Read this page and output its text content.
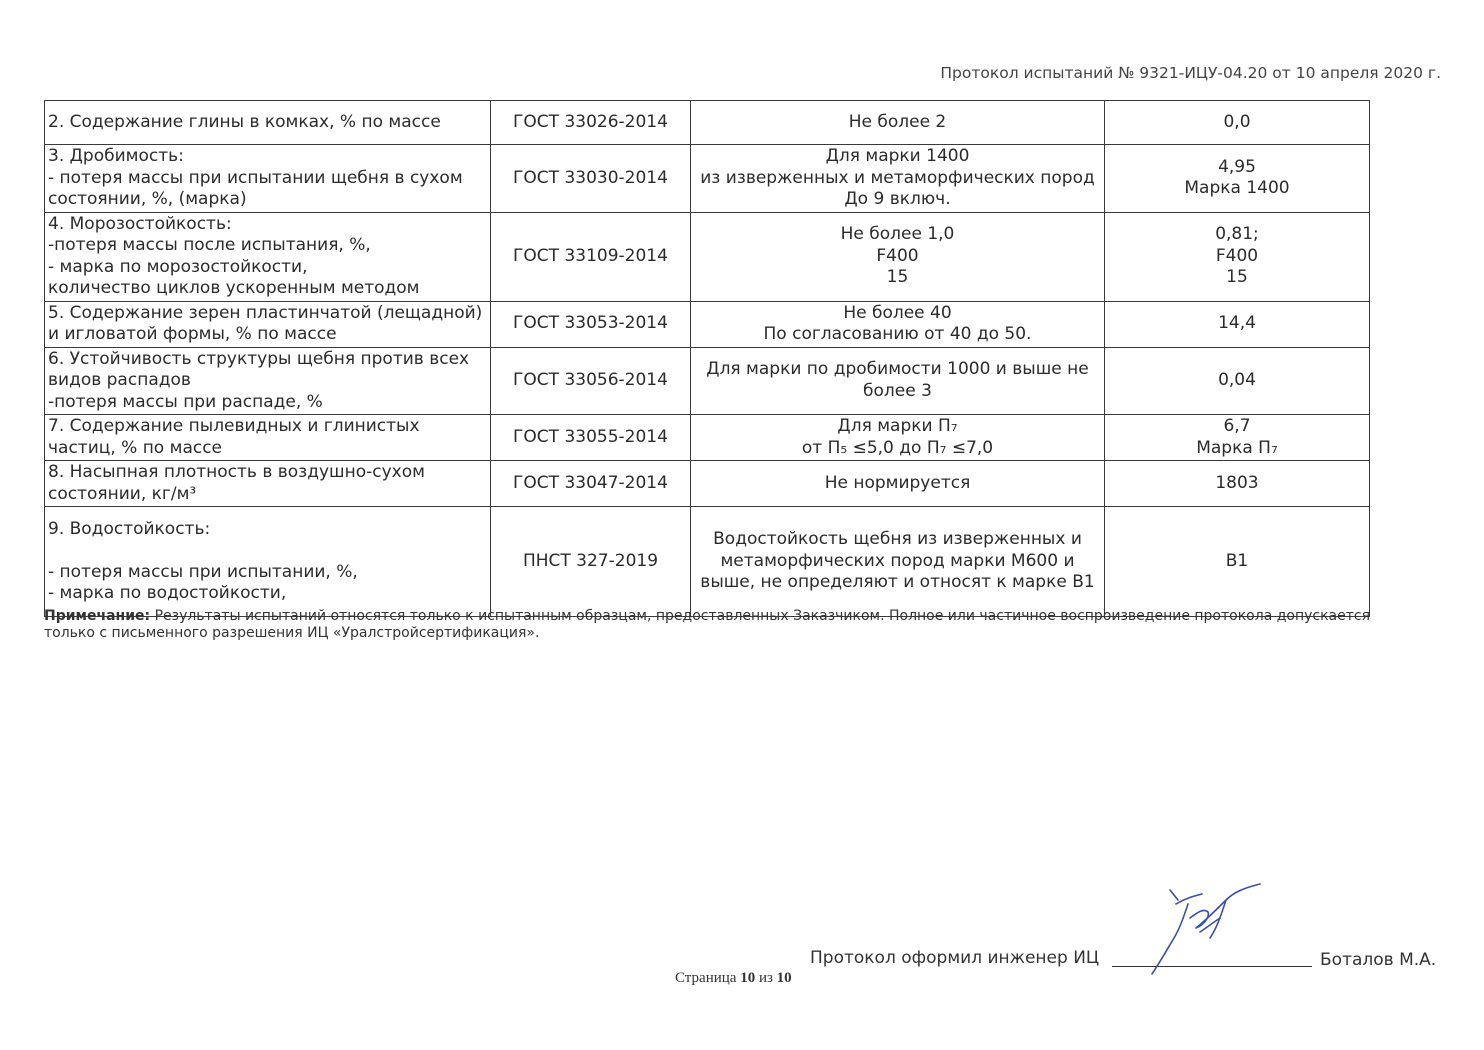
Протокол испытаний № 9321-ИЦУ-04.20 от 10 апреля 2020 г.
2. Содержание глины в комках, % по массе	ГОСТ 33026-2014	Не более 2	0,0
3. Дробимость:
- потеря массы при испытании щебня в сухом состоянии, %, (марка)	ГОСТ 33030-2014	Для марки 1400
из изверженных и метаморфических пород
До 9 включ.	4,95
Марка 1400
4. Морозостойкость:
-потеря массы после испытания, %,
- марка по морозостойкости,
количество циклов ускоренным методом	ГОСТ 33109-2014	Не более 1,0
F400
15	0,81;
F400
15
5. Содержание зерен пластинчатой (лещадной) и игловатой формы, % по массе	ГОСТ 33053-2014	Не более 40
По согласованию от 40 до 50.	14,4
6. Устойчивость структуры щебня против всех видов распадов
-потеря массы при распаде, %	ГОСТ 33056-2014	Для марки по дробимости 1000 и выше не более 3	0,04
7. Содержание пылевидных и глинистых частиц, % по массе	ГОСТ 33055-2014	Для марки П₇
от П₅ ≤5,0 до П₇ ≤7,0	6,7
Марка П₇
8. Насыпная плотность в воздушно-сухом состоянии, кг/м³	ГОСТ 33047-2014	Не нормируется	1803
9. Водостойкость:

- потеря массы при испытании, %,
- марка по водостойкости,	ПНСТ 327-2019	Водостойкость щебня из изверженных и метаморфических пород марки М600 и выше, не определяют и относят к марке В1	В1
Примечание: Результаты испытаний относятся только к испытанным образцам, предоставленных Заказчиком. Полное или частичное воспроизведение протокола допускается только с письменного разрешения ИЦ «Уралстройсертификация».
Протокол оформил инженер ИЦ	Боталов М.А.
Страница 10 из 10
